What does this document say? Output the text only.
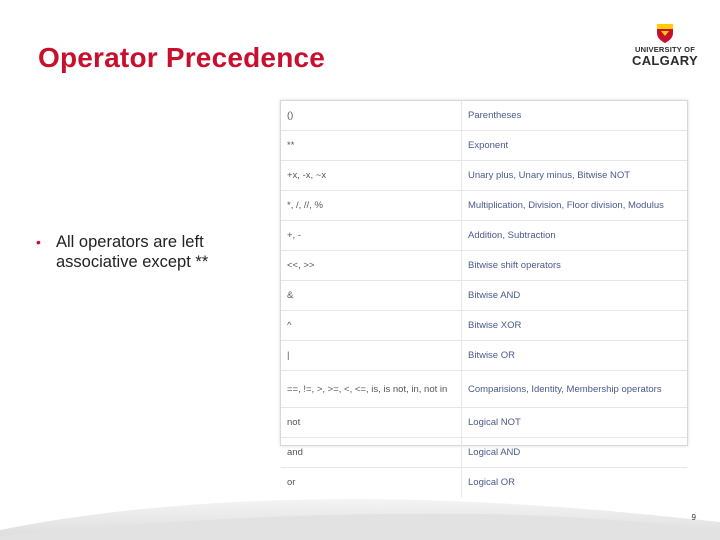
Operator Precedence	UNIVERSITY OF
CALGARY
• All operators are left associative except **
()	Parentheses
**	Exponent
+x, -x, ~x	Unary plus, Unary minus, Bitwise NOT
*, /, //, %	Multiplication, Division, Floor division, Modulus
+, -	Addition, Subtraction
<<, >>	Bitwise shift operators
&	Bitwise AND
^	Bitwise XOR
|	Bitwise OR
==, !=, >, >=, <, <=, is, is not, in, not in	Comparisions, Identity, Membership operators
not	Logical NOT
and	Logical AND
or	Logical OR
9
